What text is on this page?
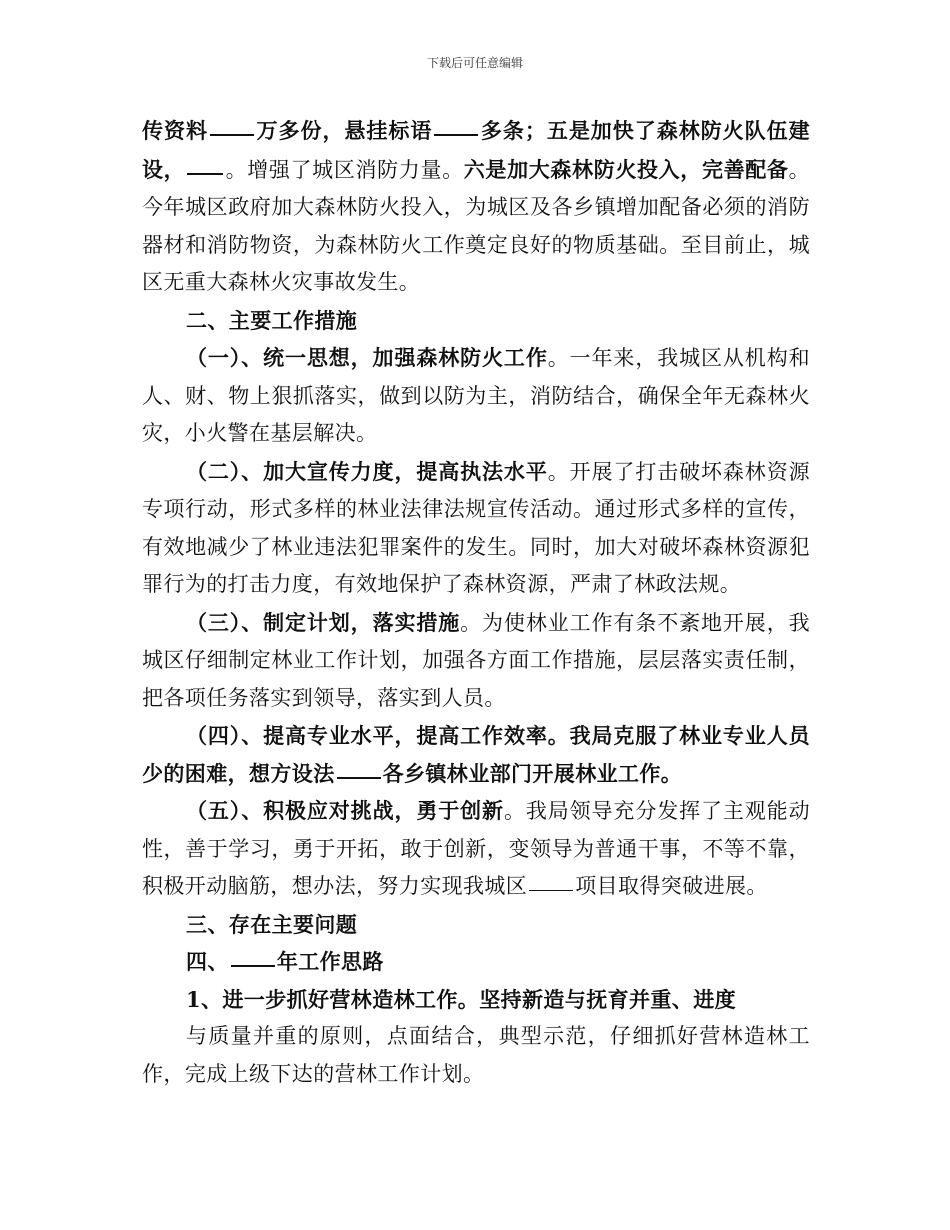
下载后可任意编辑

传资料 万多份，悬挂标语 多条；五是加快了森林防火队伍建设， 。增强了城区消防力量。六是加大森林防火投入，完善配备。今年城区政府加大森林防火投入，为城区及各乡镇增加配备必须的消防器材和消防物资，为森林防火工作奠定良好的物质基础。至目前止，城区无重大森林火灾事故发生。

二、主要工作措施

（一）、统一思想，加强森林防火工作。一年来，我城区从机构和人、财、物上狠抓落实，做到以防为主，消防结合，确保全年无森林火灾，小火警在基层解决。

（二）、加大宣传力度，提高执法水平。开展了打击破坏森林资源专项行动，形式多样的林业法律法规宣传活动。通过形式多样的宣传，有效地减少了林业违法犯罪案件的发生。同时，加大对破坏森林资源犯罪行为的打击力度，有效地保护了森林资源，严肃了林政法规。

（三）、制定计划，落实措施。为使林业工作有条不紊地开展，我城区仔细制定林业工作计划，加强各方面工作措施，层层落实责任制，把各项任务落实到领导，落实到人员。

（四）、提高专业水平，提高工作效率。我局克服了林业专业人员少的困难，想方设法 各乡镇林业部门开展林业工作。

（五）、积极应对挑战，勇于创新。我局领导充分发挥了主观能动性，善于学习，勇于开拓，敢于创新，变领导为普通干事，不等不靠，积极开动脑筋，想办法，努力实现我城区 项目取得突破进展。

三、存在主要问题

四、 年工作思路

1、进一步抓好营林造林工作。坚持新造与抚育并重、进度

与质量并重的原则，点面结合，典型示范，仔细抓好营林造林工作，完成上级下达的营林工作计划。
